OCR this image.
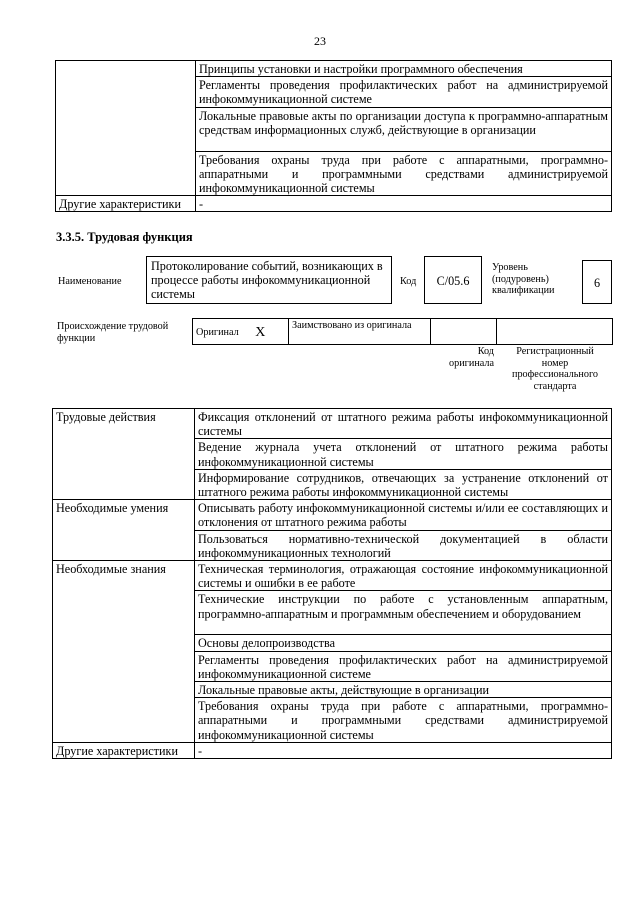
23
	Принципы установки и настройки программного обеспечения
	Регламенты проведения профилактических работ на администрируемой инфокоммуникационной системе
	Локальные правовые акты по организации доступа к программно-аппаратным средствам информационных служб, действующие в организации
	Требования охраны труда при работе с аппаратными, программно-аппаратными и программными средствами администрируемой инфокоммуникационной системы
Другие характеристики	-
3.3.5. Трудовая функция
Наименование
Протоколирование событий, возникающих в процессе работы инфокоммуникационной системы
Код	C/05.6
Уровень (подуровень) квалификации
6
Происхождение трудовой функции
Оригинал X	Заимствовано из оригинала		
Код оригинала
Регистрационный номер профессионального стандарта
Трудовые действия	Фиксация отклонений от штатного режима работы инфокоммуникационной системы
	Ведение журнала учета отклонений от штатного режима работы инфокоммуникационной системы
	Информирование сотрудников, отвечающих за устранение отклонений от штатного режима работы инфокоммуникационной системы
Необходимые умения	Описывать работу инфокоммуникационной системы и/или ее составляющих и отклонения от штатного режима работы
	Пользоваться нормативно-технической документацией в области инфокоммуникационных технологий
Необходимые знания	Техническая терминология, отражающая состояние инфокоммуникационной системы и ошибки в ее работе
	Технические инструкции по работе с установленным аппаратным, программно-аппаратным и программным обеспечением и оборудованием
	Основы делопроизводства
	Регламенты проведения профилактических работ на администрируемой инфокоммуникационной системе
	Локальные правовые акты, действующие в организации
	Требования охраны труда при работе с аппаратными, программно-аппаратными и программными средствами администрируемой инфокоммуникационной системы
Другие характеристики	-
